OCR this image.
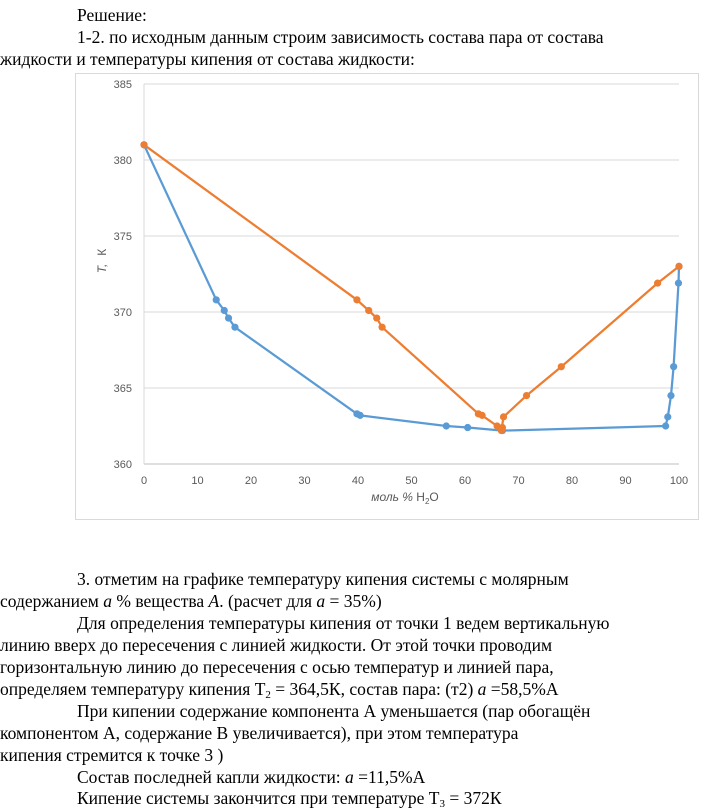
Решение:
1-2. по исходным данным строим зависимость состава пара от состава
жидкости и температуры кипения от состава жидкости:
360
365
370
375
380
385
0	10	20	30	40	50	60	70	80	90	100
T,К
моль % $H_2O$
3. отметим на графике температуру кипения системы с молярным
содержанием a % вещества A. (расчет для a = 35%)
Для определения температуры кипения от точки 1 ведем вертикальную
линию вверх до пересечения с линией жидкости. От этой точки проводим
горизонтальную линию до пересечения с осью температур и линией пара,
определяем температуру кипения $Т_2 = 364,5К$, состав пара: (т2) a =58,5%А
При кипении содержание компонента А уменьшается (пар обогащён
компонентом А, содержание В увеличивается), при этом температура
кипения стремится к точке 3 )
Состав последней капли жидкости: a =11,5%А
Кипение системы закончится при температуре $Т_3 = 372К$
